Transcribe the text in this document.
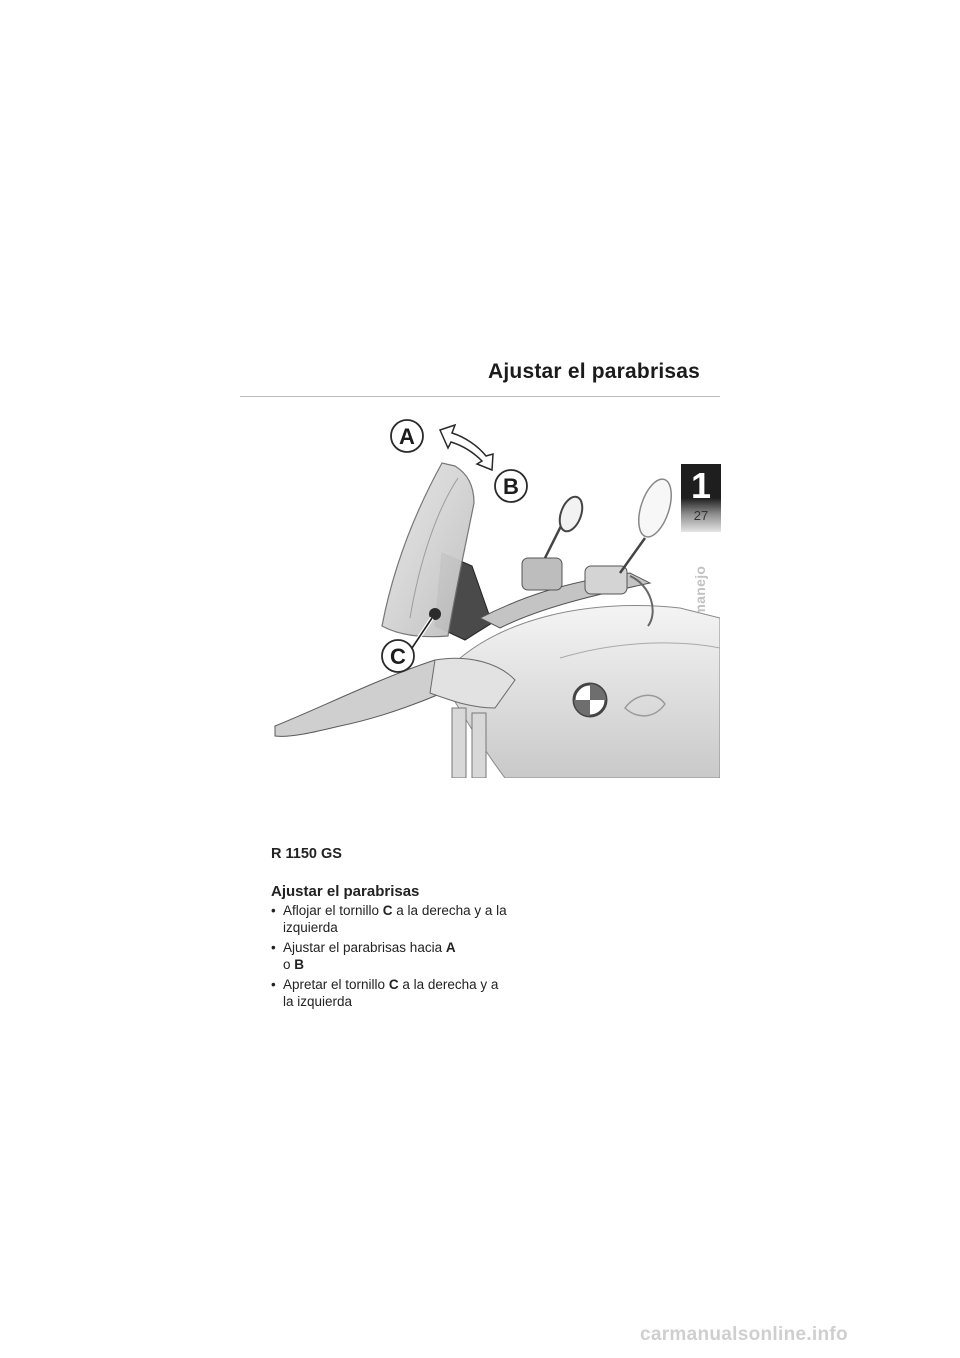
Ajustar el parabrisas
1
27
A
B
C

R 1150 GS

Ajustar el parabrisas

• Aflojar el tornillo C a la derecha y a la izquierda
• Ajustar el parabrisas hacia A
o B
• Apretar el tornillo C a la derecha y a la izquierda
carmanualsonline.info
